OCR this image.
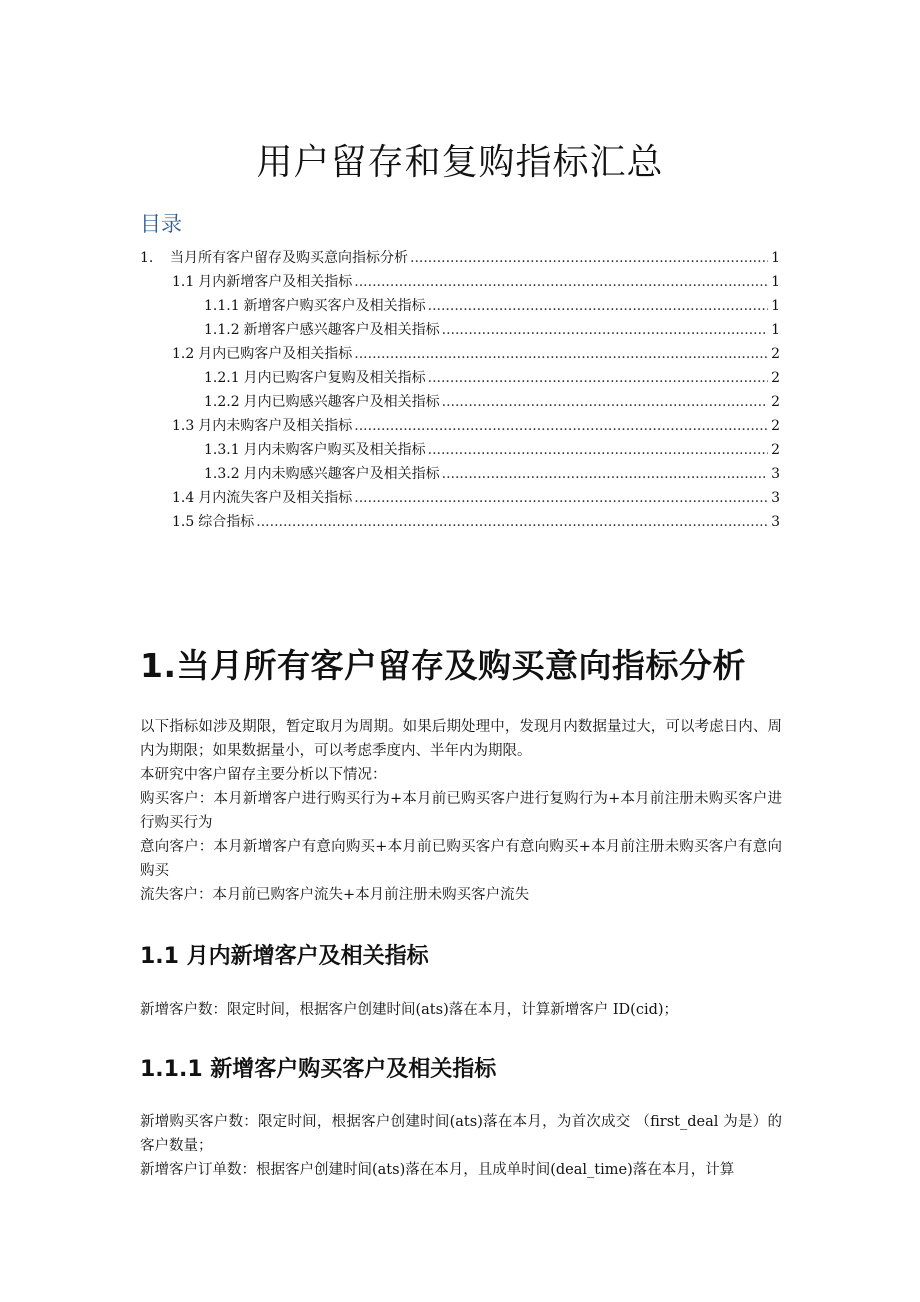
用户留存和复购指标汇总
目录
1.	当月所有客户留存及购买意向指标分析 .....	1
1.1 月内新增客户及相关指标 .....	1
1.1.1 新增客户购买客户及相关指标 .....	1
1.1.2 新增客户感兴趣客户及相关指标 .....	1
1.2 月内已购客户及相关指标 .....	2
1.2.1 月内已购客户复购及相关指标 .....	2
1.2.2 月内已购感兴趣客户及相关指标 .....	2
1.3 月内未购客户及相关指标 .....	2
1.3.1 月内未购客户购买及相关指标 .....	2
1.3.2 月内未购感兴趣客户及相关指标 .....	3
1.4 月内流失客户及相关指标 .....	3
1.5 综合指标 .....	3
1.当月所有客户留存及购买意向指标分析

以下指标如涉及期限，暂定取月为周期。如果后期处理中，发现月内数据量过大，可以考虑日内、周内为期限；如果数据量小，可以考虑季度内、半年内为期限。

本研究中客户留存主要分析以下情况：

购买客户：本月新增客户进行购买行为+本月前已购买客户进行复购行为+本月前注册未购买客户进行购买行为

意向客户：本月新增客户有意向购买+本月前已购买客户有意向购买+本月前注册未购买客户有意向购买

流失客户：本月前已购客户流失+本月前注册未购买客户流失

1.1 月内新增客户及相关指标

新增客户数：限定时间，根据客户创建时间(ats)落在本月，计算新增客户 ID(cid)；

1.1.1 新增客户购买客户及相关指标

新增购买客户数：限定时间，根据客户创建时间(ats)落在本月，为首次成交 （first_deal 为是）的客户数量；

新增客户订单数：根据客户创建时间(ats)落在本月，且成单时间(deal_time)落在本月，计算
